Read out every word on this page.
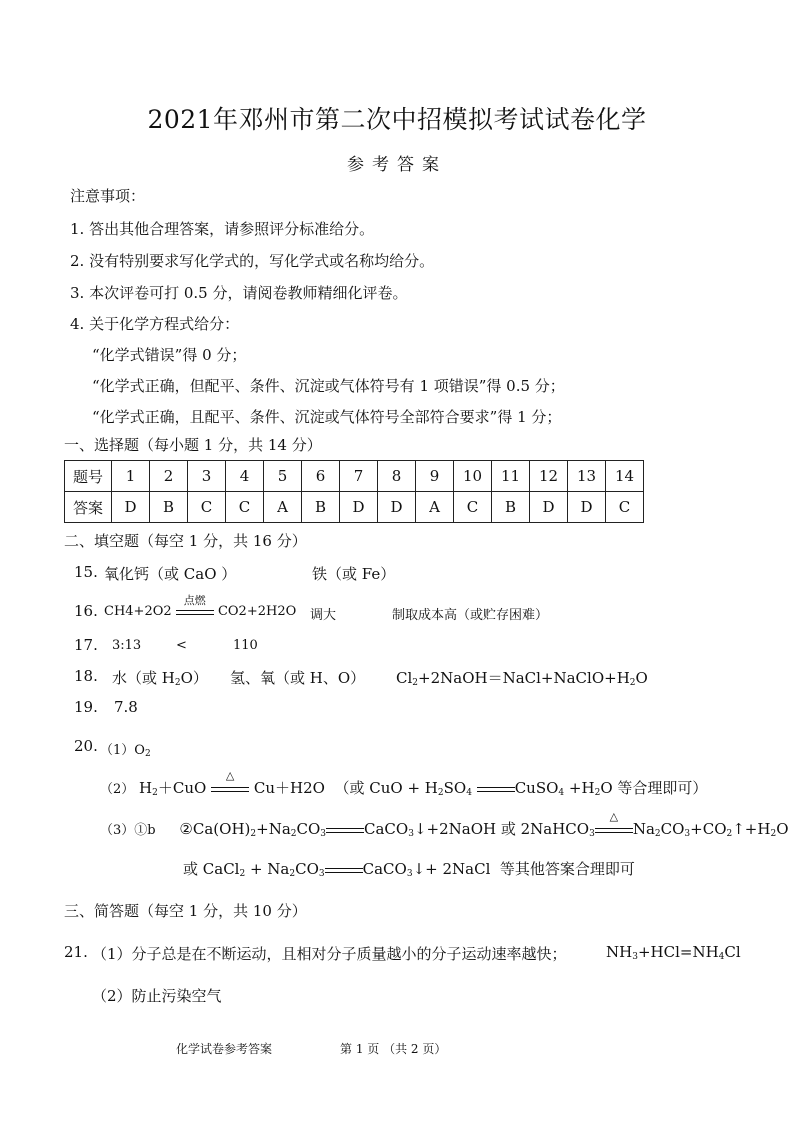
2021年邓州市第二次中招模拟考试试卷化学
参考答案
注意事项：
1. 答出其他合理答案，请参照评分标准给分。
2. 没有特别要求写化学式的，写化学式或名称均给分。
3. 本次评卷可打 0.5 分，请阅卷教师精细化评卷。
4. 关于化学方程式给分：
“化学式错误”得 0 分；
“化学式正确，但配平、条件、沉淀或气体符号有 1 项错误”得 0.5 分；
“化学式正确，且配平、条件、沉淀或气体符号全部符合要求”得 1 分；
一、选择题（每小题 1 分，共 14 分）
题号	1	2	3	4	5	6	7	8	9	10	11	12	13	14
答案	D	B	C	C	A	B	D	D	A	C	B	D	D	C
二、填空题（每空 1 分，共 16 分）
15. 氧化钙（或 CaO ）	铁（或 Fe）
16. CH4+2O2
点燃
CO2+2H2O 调大	制取成本高（或贮存困难）
17. 3:13	<	110
18. 水（或 $H_2O$） 氢、氧（或 H、O） $Cl_2+2NaOH=NaCl+NaClO+H_2O$
19. 7.8
20. $(1)O_2$
（2） $H_2+CuO$
△
Cu＋H2O  （或 CuO + $H_2SO_4$	CuSO$_4$ $+H_2O$ 等合理即可）
（3）①b     $②Ca(OH)_2+Na_2CO_3$	CaCO$_3$↓+2NaOH 或 2NaHCO$_3$
△
$Na_2CO_3+CO_2↑+H_2O$
或 CaCl$_2$ + $Na_2CO_3$	CaCO$_3$↓+ 2NaCl  等其他答案合理即可
三、简答题（每空 1 分，共 10 分）
21. （1）分子总是在不断运动，且相对分子质量越小的分子运动速率越快；	$NH_3+HCl=NH_4Cl$
（2）防止污染空气
化学试卷参考答案	第 1 页 （共 2 页）
